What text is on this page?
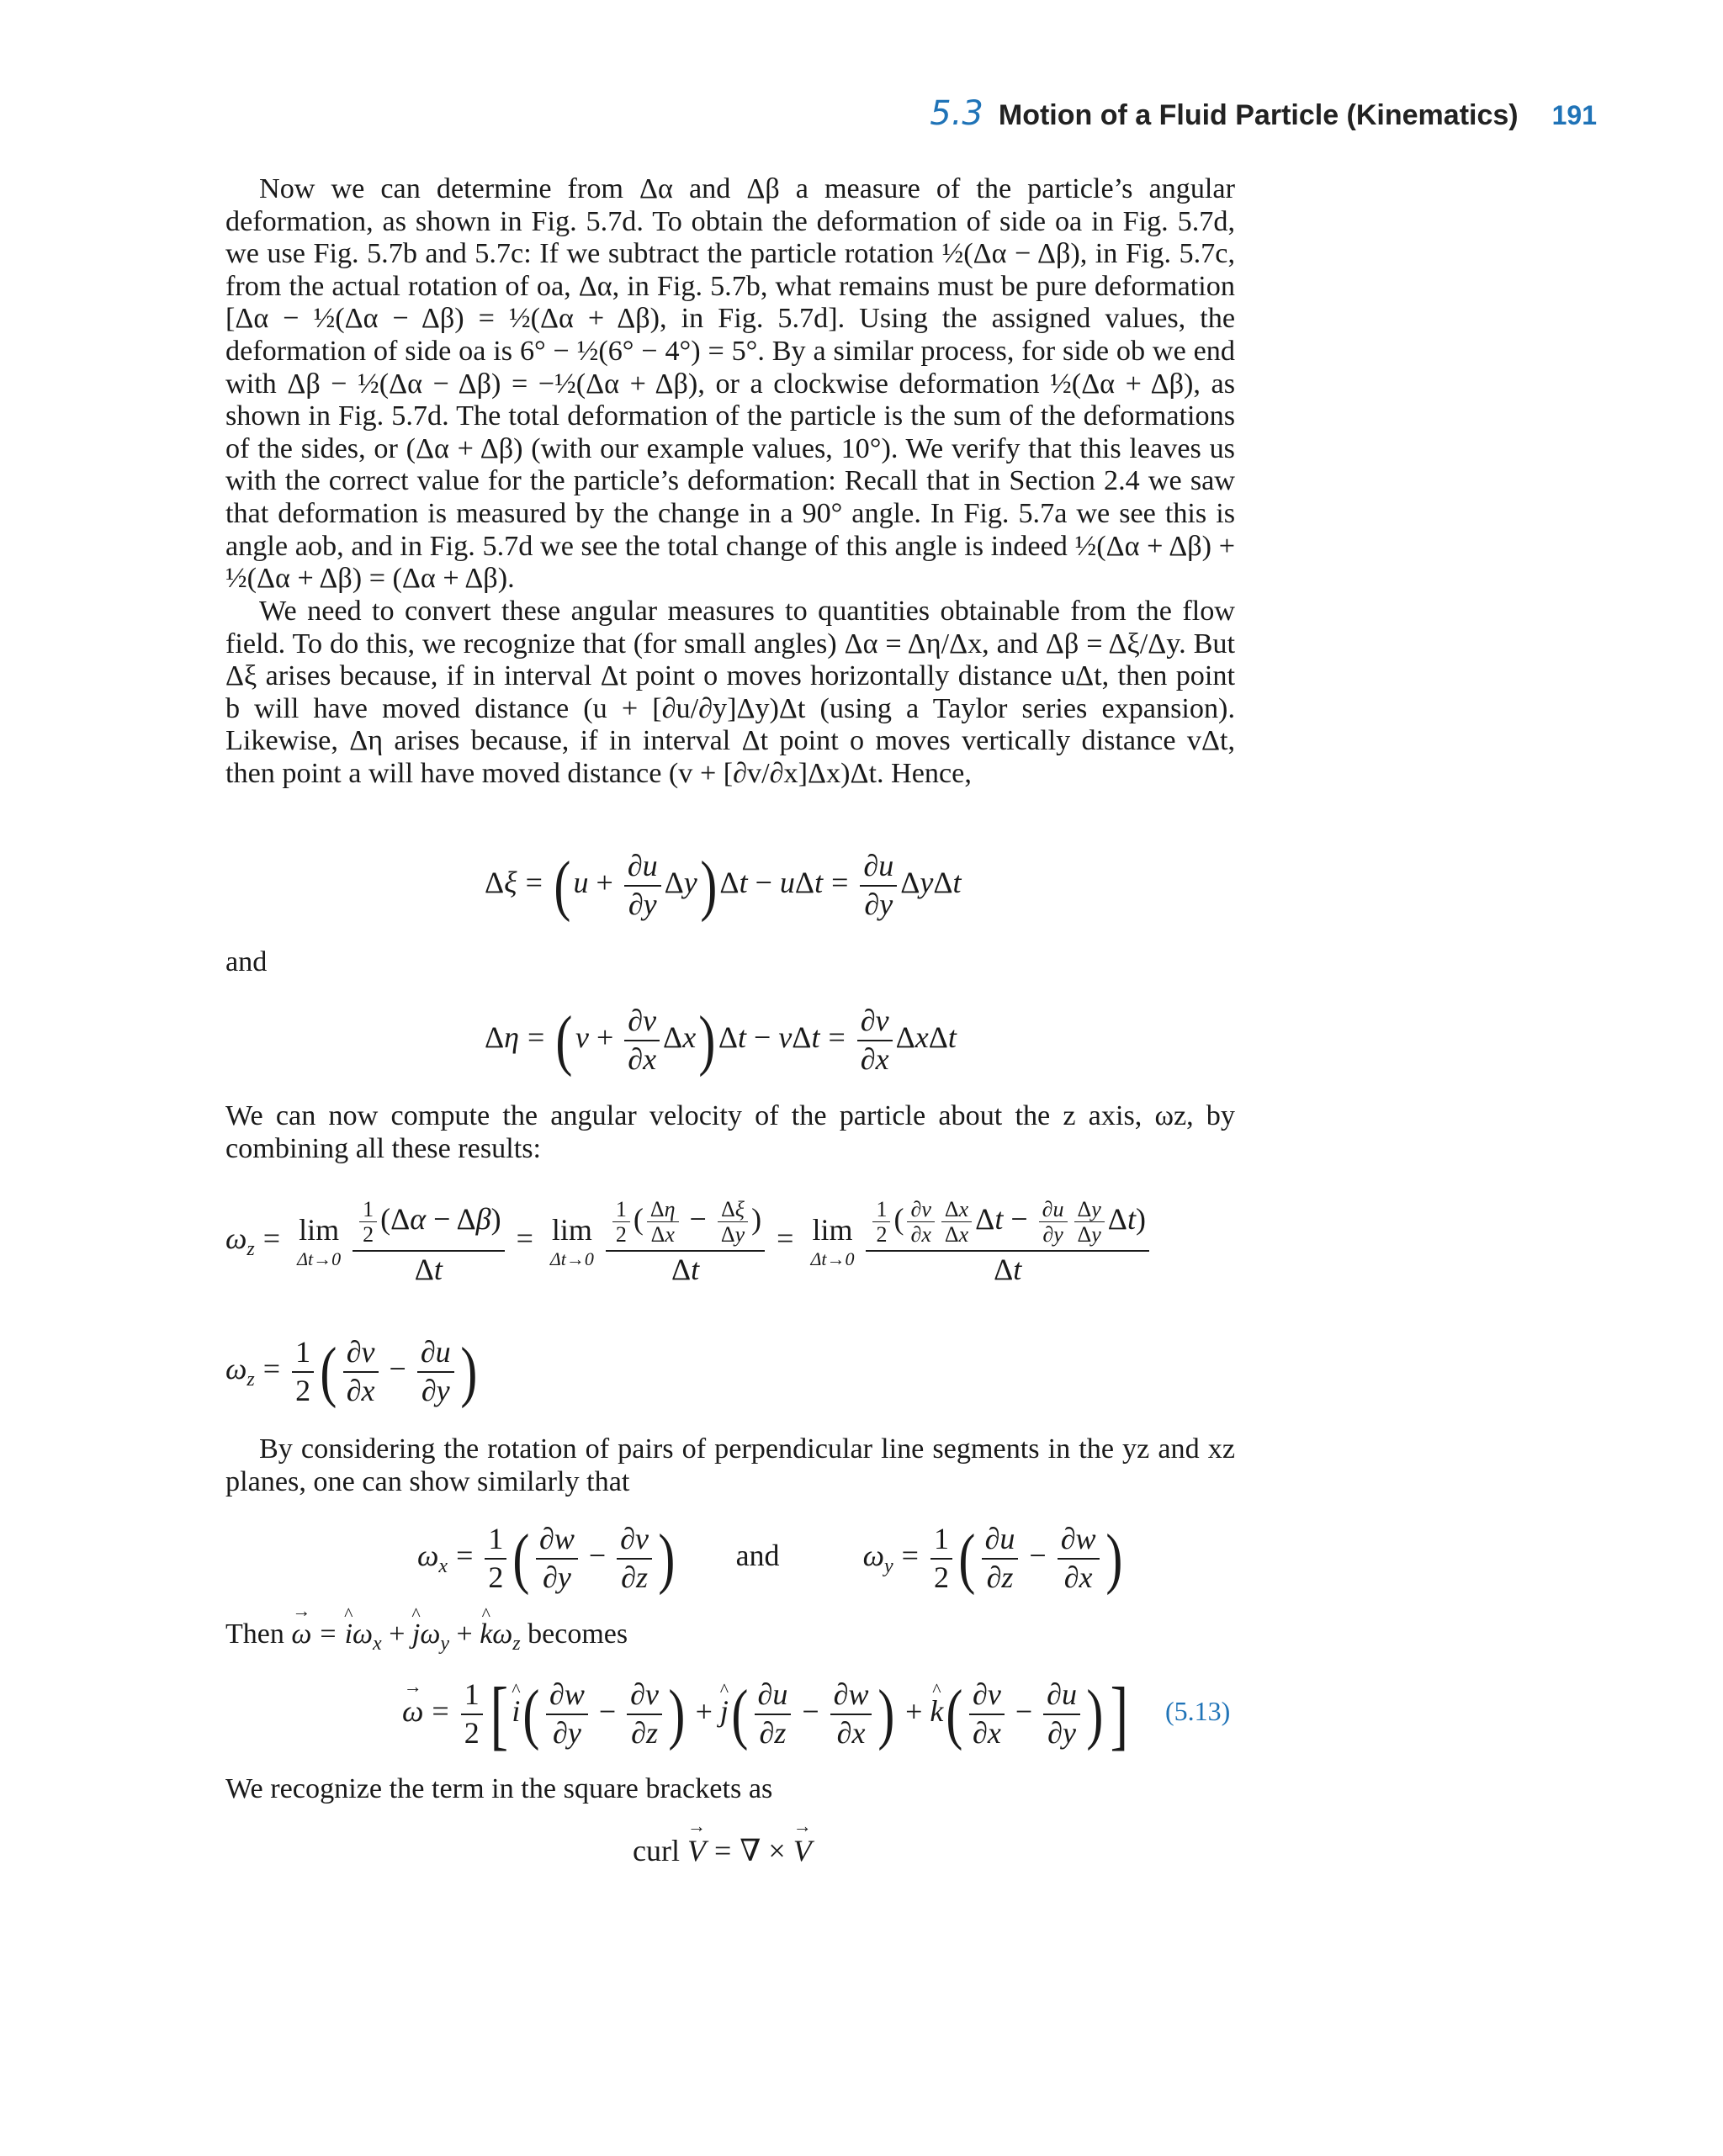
5.3 Motion of a Fluid Particle (Kinematics) 191

Now we can determine from Δα and Δβ a measure of the particle’s angular deformation, as shown in Fig. 5.7d. To obtain the deformation of side oa in Fig. 5.7d, we use Fig. 5.7b and 5.7c: If we subtract the particle rotation ½(Δα − Δβ), in Fig. 5.7c, from the actual rotation of oa, Δα, in Fig. 5.7b, what remains must be pure deformation [Δα − ½(Δα − Δβ) = ½(Δα + Δβ), in Fig. 5.7d]. Using the assigned values, the deformation of side oa is 6° − ½(6° − 4°) = 5°. By a similar process, for side ob we end with Δβ − ½(Δα − Δβ) = −½(Δα + Δβ), or a clockwise deformation ½(Δα + Δβ), as shown in Fig. 5.7d. The total deformation of the particle is the sum of the deformations of the sides, or (Δα + Δβ) (with our example values, 10°). We verify that this leaves us with the correct value for the particle’s deformation: Recall that in Section 2.4 we saw that deformation is measured by the change in a 90° angle. In Fig. 5.7a we see this is angle aob, and in Fig. 5.7d we see the total change of this angle is indeed ½(Δα + Δβ) + ½(Δα + Δβ) = (Δα + Δβ).

We need to convert these angular measures to quantities obtainable from the flow field. To do this, we recognize that (for small angles) Δα = Δη/Δx, and Δβ = Δξ/Δy. But Δξ arises because, if in interval Δt point o moves horizontally distance uΔt, then point b will have moved distance (u + [∂u/∂y]Δy)Δt (using a Taylor series expansion). Likewise, Δη arises because, if in interval Δt point o moves vertically distance vΔt, then point a will have moved distance (v + [∂v/∂x]Δx)Δt. Hence,

$\Delta\xi = (u + \frac{\partial u}{\partial y} \Delta y)\Delta t - u\Delta t = \frac{\partial u}{\partial y}$ ΔyΔt

and

$\Delta\eta = (v + \frac{\partial v}{\partial x} \Delta x)\Delta t - v\Delta t = \frac{\partial v}{\partial x}$ ΔxΔt

We can now compute the angular velocity of the particle about the z axis, ωz, by combining all these results:

$\omega_z = \lim$
$\Delta t\to 0 \frac{\frac{1}{2} (\Delta\alpha - \Delta\beta)}{\Delta t} = \lim$
$\Delta t\to 0 \frac{\frac{1}{2} ( \frac{\Delta\eta}{\Delta x} - \frac{\Delta\xi}{\Delta y} )}{\Delta t} = \lim$
$\Delta t\to 0 \frac{\frac{1}{2} ( \frac{\partial v}{\partial x} \frac{\Delta x}{\Delta x} \Delta t - \frac{\partial u}{\partial y} \frac{\Delta y}{\Delta y} \Delta t)}{\Delta t}$
$\omega_z = \frac{1}{2}$ ( $\frac{\partial v}{\partial x} - \frac{\partial u}{\partial y}$ )

By considering the rotation of pairs of perpendicular line segments in the yz and xz planes, one can show similarly that

$\omega_x = \frac{1}{2}$ ( $\frac{\partial w}{\partial y} - \frac{\partial v}{\partial z}$ ) and	$\omega_y = \frac{1}{2}$ ( $\frac{\partial u}{\partial z} - \frac{\partial w}{\partial x}$ )
Then → ω = ^ $i\omega_x$ + ^ $j\omega_y$ + ^ $k\omega_z$ becomes
→ $\omega = \frac{1}{2}$ [ ^ $i( \frac{\partial w}{\partial y} - \frac{\partial v}{\partial z}$ ) + ^ $j( \frac{\partial u}{\partial z} - \frac{\partial w}{\partial x}$ ) + ^ $k( \frac{\partial v}{\partial x} - \frac{\partial u}{\partial y}$ )] (5.13)

We recognize the term in the square brackets as

curl → V = ∇ × → V
